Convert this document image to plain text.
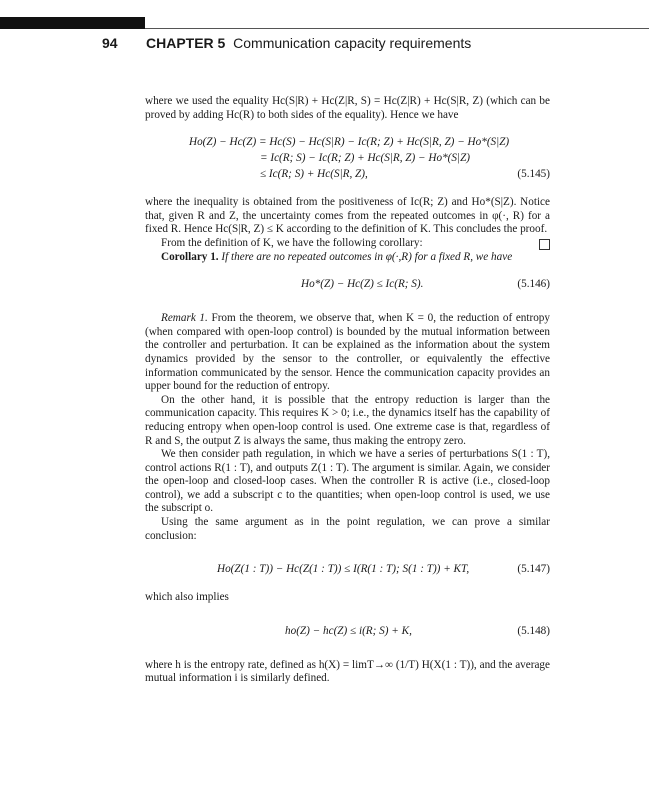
94 CHAPTER 5 Communication capacity requirements

where we used the equality Hc(S|R) + Hc(Z|R, S) = Hc(Z|R) + Hc(S|R, Z) (which can be proved by adding Hc(R) to both sides of the equality). Hence we have

Ho(Z) − Hc(Z) = Hc(S) − Hc(S|R) − Ic(R; Z) + Hc(S|R, Z) − Ho*(S|Z)
= Ic(R; S) − Ic(R; Z) + Hc(S|R, Z) − Ho*(S|Z)
≤ Ic(R; S) + Hc(S|R, Z),	(5.145)

where the inequality is obtained from the positiveness of Ic(R; Z) and Ho*(S|Z). Notice that, given R and Z, the uncertainty comes from the repeated outcomes in φ(·, R) for a fixed R. Hence Hc(S|R, Z) ≤ K according to the definition of K. This concludes the proof.

From the definition of K, we have the following corollary:

Corollary 1. If there are no repeated outcomes in φ(·,R) for a fixed R, we have

Ho*(Z) − Hc(Z) ≤ Ic(R; S).	(5.146)

Remark 1. From the theorem, we observe that, when K = 0, the reduction of entropy (when compared with open-loop control) is bounded by the mutual information between the controller and perturbation. It can be explained as the information about the system dynamics provided by the sensor to the controller, or equivalently the effective information communicated by the sensor. Hence the communication capacity provides an upper bound for the reduction of entropy.

On the other hand, it is possible that the entropy reduction is larger than the communication capacity. This requires K > 0; i.e., the dynamics itself has the capability of reducing entropy when open-loop control is used. One extreme case is that, regardless of R and S, the output Z is always the same, thus making the entropy zero.

We then consider path regulation, in which we have a series of perturbations S(1 : T), control actions R(1 : T), and outputs Z(1 : T). The argument is similar. Again, we consider the open-loop and closed-loop cases. When the controller R is active (i.e., closed-loop control), we add a subscript c to the quantities; when open-loop control is used, we use the subscript o.

Using the same argument as in the point regulation, we can prove a similar conclusion:

Ho(Z(1 : T)) − Hc(Z(1 : T)) ≤ I(R(1 : T); S(1 : T)) + KT,	(5.147)

which also implies

ho(Z) − hc(Z) ≤ i(R; S) + K,	(5.148)

where h is the entropy rate, defined as h(X) = limT→∞ (1/T) H(X(1 : T)), and the average mutual information i is similarly defined.
